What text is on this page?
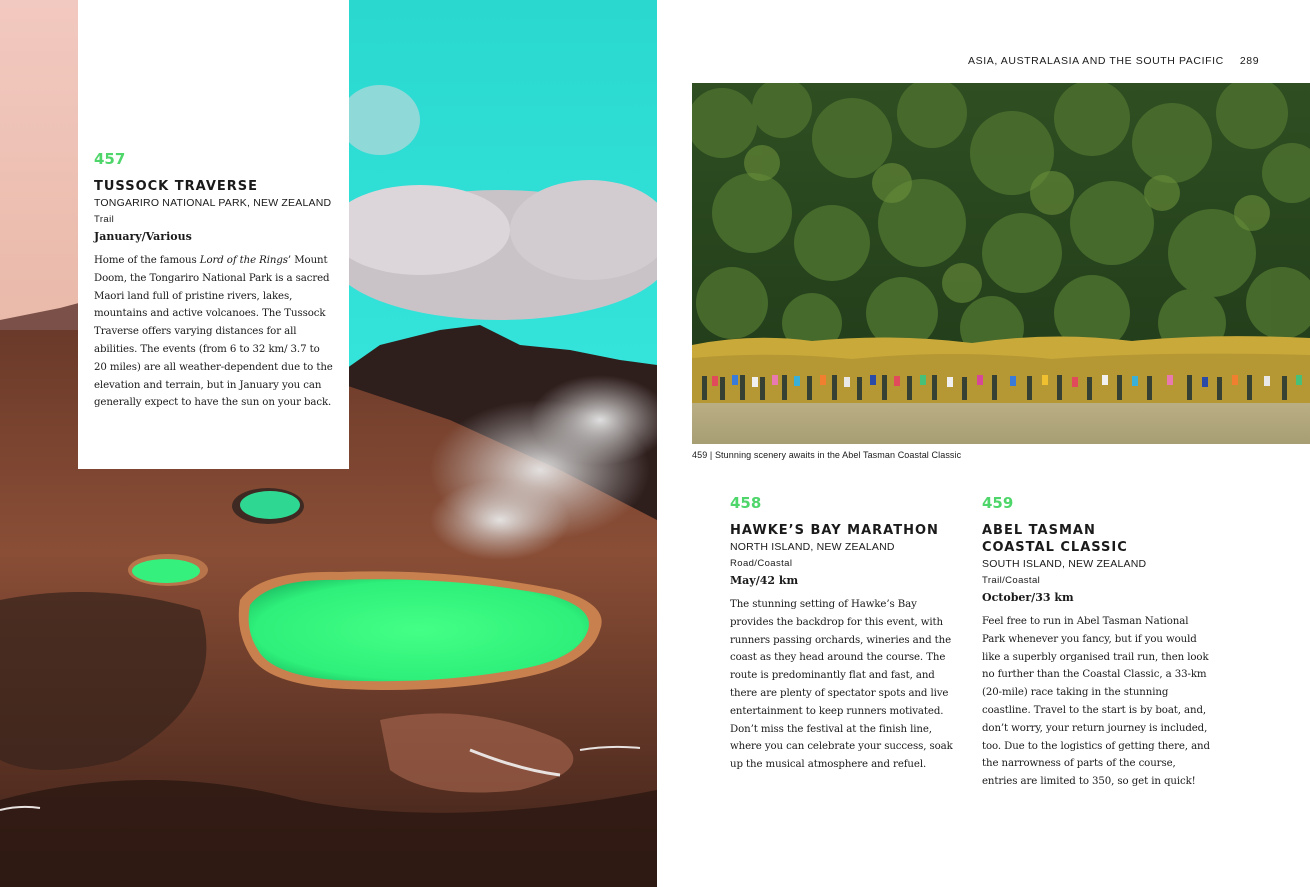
457
TUSSOCK TRAVERSE
TONGARIRO NATIONAL PARK, NEW ZEALAND
Trail
January/Various
Home of the famous Lord of the Rings’ Mount Doom, the Tongariro National Park is a sacred Maori land full of pristine rivers, lakes, mountains and active volcanoes. The Tussock Traverse offers varying distances for all abilities. The events (from 6 to 32 km/ 3.7 to 20 miles) are all weather-dependent due to the elevation and terrain, but in January you can generally expect to have the sun on your back.
ASIA, AUSTRALASIA AND THE SOUTH PACIFIC 289
459 | Stunning scenery awaits in the Abel Tasman Coastal Classic
458
HAWKE’S BAY MARATHON
NORTH ISLAND, NEW ZEALAND
Road/Coastal
May/42 km
The stunning setting of Hawke’s Bay provides the backdrop for this event, with runners passing orchards, wineries and the coast as they head around the course. The route is predominantly flat and fast, and there are plenty of spectator spots and live entertainment to keep runners motivated. Don’t miss the festival at the finish line, where you can celebrate your success, soak up the musical atmosphere and refuel.
459
ABEL TASMAN
COASTAL CLASSIC
SOUTH ISLAND, NEW ZEALAND
Trail/Coastal
October/33 km
Feel free to run in Abel Tasman National Park whenever you fancy, but if you would like a superbly organised trail run, then look no further than the Coastal Classic, a 33-km (20-mile) race taking in the stunning coastline. Travel to the start is by boat, and, don’t worry, your return journey is included, too. Due to the logistics of getting there, and the narrowness of parts of the course, entries are limited to 350, so get in quick!
